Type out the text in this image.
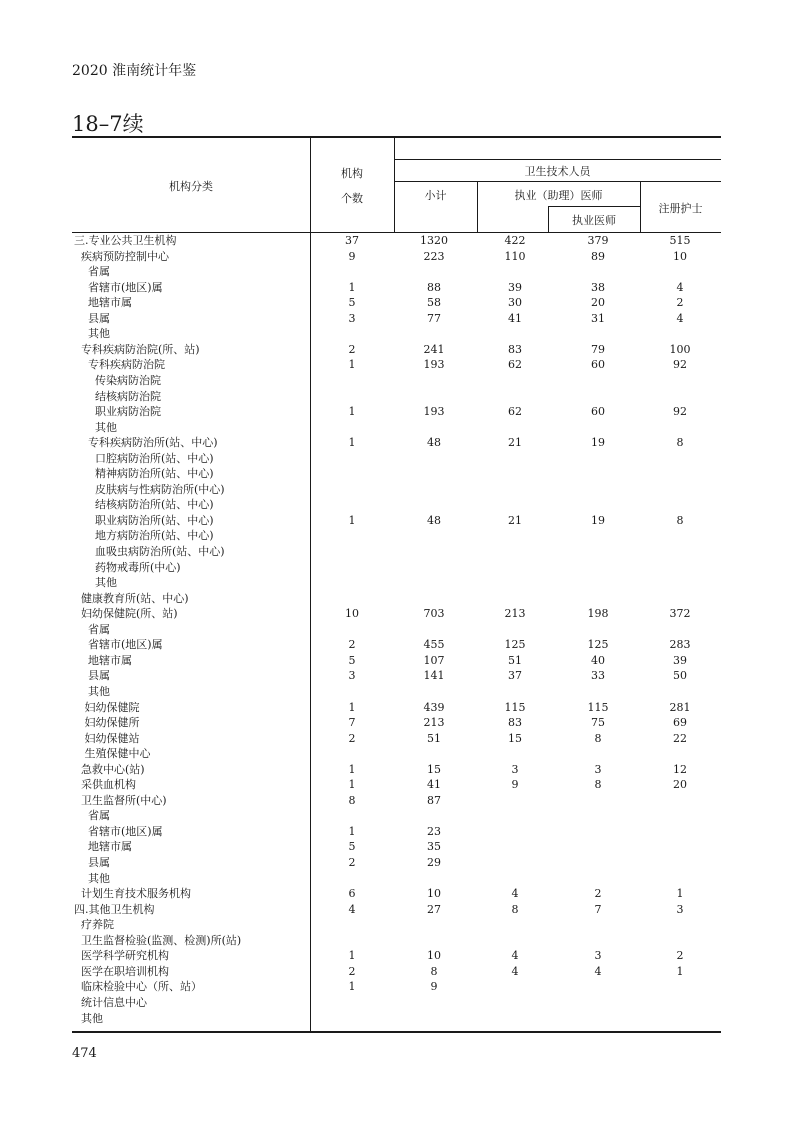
2020 淮南统计年鉴
18–7续
机构分类
机构
个数
卫生技术人员
小计	执业（助理）医师
执业医师
注册护士
三.专业公共卫生机构	37	1320	422	379	515
疾病预防控制中心	9	223	110	89	10
省属
省辖市(地区)属	1	88	39	38	4
地辖市属	5	58	30	20	2
县属	3	77	41	31	4
其他
专科疾病防治院(所、站)	2	241	83	79	100
专科疾病防治院	1	193	62	60	92
传染病防治院
结核病防治院
职业病防治院	1	193	62	60	92
其他
专科疾病防治所(站、中心)	1	48	21	19	8
口腔病防治所(站、中心)
精神病防治所(站、中心)
皮肤病与性病防治所(中心)
结核病防治所(站、中心)
职业病防治所(站、中心)	1	48	21	19	8
地方病防治所(站、中心)
血吸虫病防治所(站、中心)
药物戒毒所(中心)
其他
健康教育所(站、中心)
妇幼保健院(所、站)	10	703	213	198	372
省属
省辖市(地区)属	2	455	125	125	283
地辖市属	5	107	51	40	39
县属	3	141	37	33	50
其他
妇幼保健院	1	439	115	115	281
妇幼保健所	7	213	83	75	69
妇幼保健站	2	51	15	8	22
生殖保健中心
急救中心(站)	1	15	3	3	12
采供血机构	1	41	9	8	20
卫生监督所(中心)	8	87
省属
省辖市(地区)属	1	23
地辖市属	5	35
县属	2	29
其他
计划生育技术服务机构	6	10	4	2	1
四.其他卫生机构	4	27	8	7	3
疗养院
卫生监督检验(监测、检测)所(站)
医学科学研究机构	1	10	4	3	2
医学在职培训机构	2	8	4	4	1
临床检验中心（所、站）	1	9
统计信息中心
其他
474
